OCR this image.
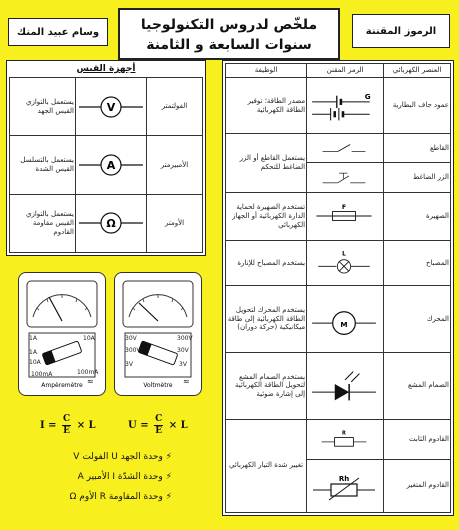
وسام عبيد المنك	ملخّص لدروس التكنولوجيا
سنوات السابعة و الثامنة
الرموز المقننة
أجهزة القيس
يستعمل بالتوازي القيس الجهد	V	الفولتمتر
يستعمل بالتسلسل القيس الشدة	A	الأمبيرمتر
يستعمل بالتوازي القيس مقاومة القادوم	Ω	الأومتر
Ampèremètre
1A	10A
100mA
1A
10A
100mA
≈	Voltmètre
30V	300V
30V
300V
3V	3V
≈
$I = \frac{C}{E} \times L$	$U = \frac{C}{E} \times L$
⚡ وحدة الجهد U الفولت V
⚡ وحدة الشدّة I الأمبير A
⚡ وحدة المقاومة R الأوم Ω
الوظيفة	الرمز المقنن	العنصر الكهربائي
مصدر الطاقة؛ توفير الطاقة الكهربائية	G	عمود جاف البطارية
يستعمل القاطع أو الزر الضاغط للتحكم		القاطع

	الزر الضاغط
تستخدم الصهيرة لحماية الدارة الكهربائية أو الجهاز الكهربائي	F	الصهيرة
يستخدم المصباح للإنارة	L	المصباح
يستخدم المحرك لتحويل الطاقة الكهربائية إلى طاقة ميكانيكية (حركة دوران)	M	المحرك
يستخدم الصمام المشع لتحويل الطاقة الكهربائية إلى إشارة ضوئية		الصمام المشع
تغيير شدة التيار الكهربائي	R	القادوم الثابت

Rh	القادوم المتغير
